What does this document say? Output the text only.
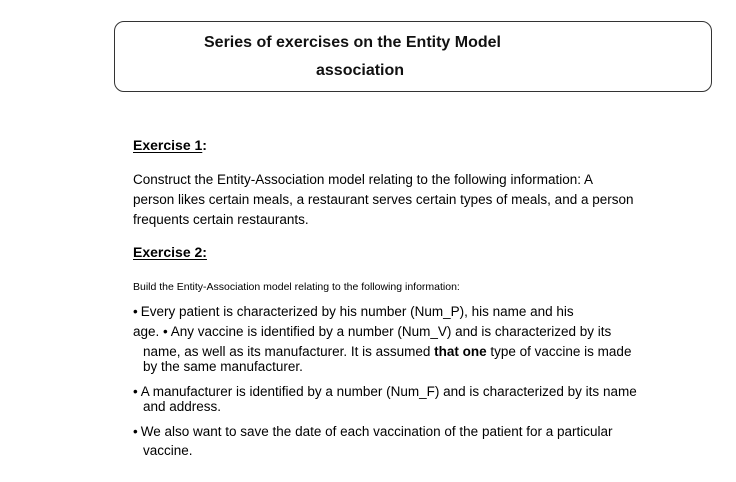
Series of exercises on the Entity Model
association
Exercise 1:
Construct the Entity-Association model relating to the following information: A
person likes certain meals, a restaurant serves certain types of meals, and a person
frequents certain restaurants.
Exercise 2:
Build the Entity-Association model relating to the following information:
• Every patient is characterized by his number (Num_P), his name and his
age. • Any vaccine is identified by a number (Num_V) and is characterized by its
name, as well as its manufacturer. It is assumed that one type of vaccine is made
by the same manufacturer.
• A manufacturer is identified by a number (Num_F) and is characterized by its name
and address.
• We also want to save the date of each vaccination of the patient for a particular
vaccine.
